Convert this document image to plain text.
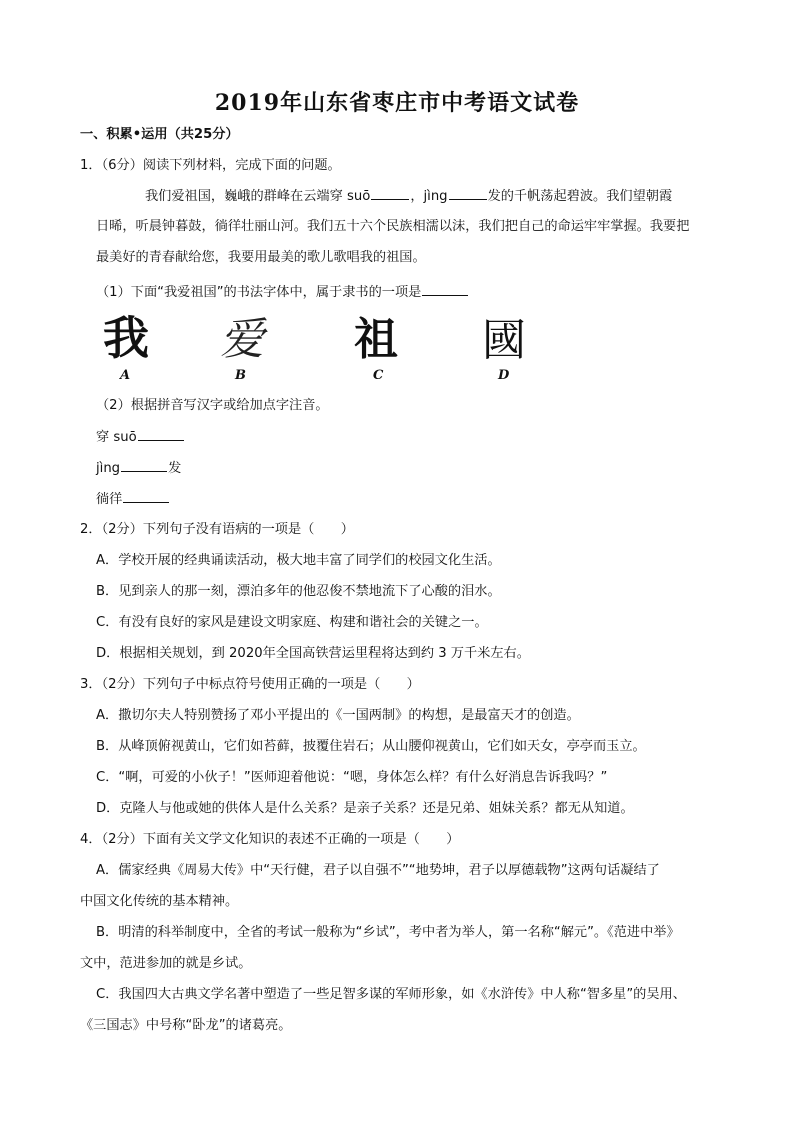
2019年山东省枣庄市中考语文试卷
一、积累•运用（共25分）
1．（6分）阅读下列材料，完成下面的问题。
我们爱祖国，巍峨的群峰在云端穿 suō	，jìng	发的千帆荡起碧波。我们望朝霞
日晞，听晨钟暮鼓，徜徉壮丽山河。我们五十六个民族相濡以沫，我们把自己的命运牢牢掌握。我要把
最美好的青春献给您，我要用最美的歌儿歌唱我的祖国。
（1）下面“我爱祖国”的书法字体中，属于隶书的一项是
我 爱 祖 國
A	B	C	D
（2）根据拼音写汉字或给加点字注音。
穿 suō
jìng	发
徜徉
2．（2分）下列句子没有语病的一项是（　　）
A．学校开展的经典诵读活动，极大地丰富了同学们的校园文化生活。
B．见到亲人的那一刻，漂泊多年的他忍俊不禁地流下了心酸的泪水。
C．有没有良好的家风是建设文明家庭、构建和谐社会的关键之一。
D．根据相关规划，到 2020年全国高铁营运里程将达到约 3 万千米左右。
3．（2分）下列句子中标点符号使用正确的一项是（　　）
A．撒切尔夫人特别赞扬了邓小平提出的《一国两制》的构想，是最富天才的创造。
B．从峰顶俯视黄山，它们如苔藓，披覆住岩石；从山腰仰视黄山，它们如天女，亭亭而玉立。
C．“啊，可爱的小伙子！”医师迎着他说：“嗯，身体怎么样？有什么好消息告诉我吗？”
D．克隆人与他或她的供体人是什么关系？是亲子关系？还是兄弟、姐妹关系？都无从知道。
4．（2分）下面有关文学文化知识的表述不正确的一项是（　　）
A．儒家经典《周易大传》中“天行健，君子以自强不”“地势坤，君子以厚德载物”这两句话凝结了
中国文化传统的基本精神。
B．明清的科举制度中，全省的考试一般称为“乡试”，考中者为举人，第一名称“解元”。《范进中举》
文中，范进参加的就是乡试。
C．我国四大古典文学名著中塑造了一些足智多谋的军师形象，如《水浒传》中人称“智多星”的吴用、
《三国志》中号称“卧龙”的诸葛亮。
